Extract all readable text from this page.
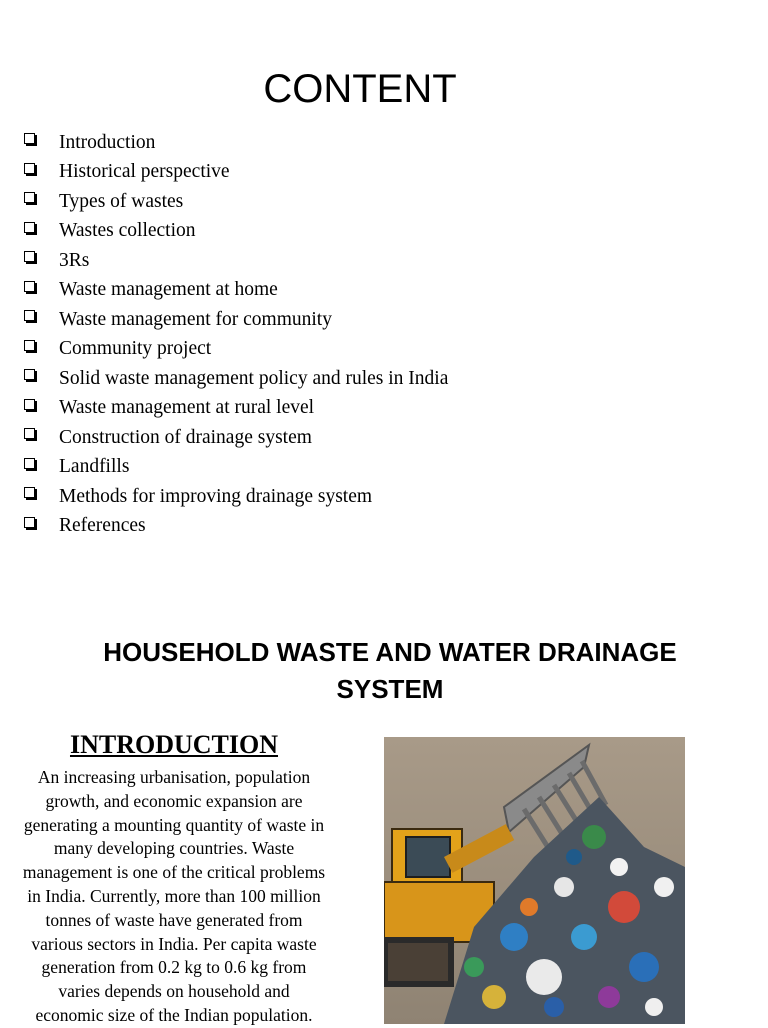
CONTENT
Introduction
Historical perspective
Types of wastes
Wastes collection
3Rs
Waste management at home
Waste management for community
Community project
Solid waste management policy and rules in India
Waste management at rural level
Construction of drainage system
Landfills
Methods for improving drainage system
References
HOUSEHOLD WASTE AND WATER DRAINAGE
SYSTEM
INTRODUCTION
An increasing urbanisation, population
growth, and economic expansion are
generating a mounting quantity of waste in
many developing countries. Waste
management is one of the critical problems
in India. Currently, more than 100 million
tonnes of waste have generated from
various sectors in India. Per capita waste
generation from 0.2 kg to 0.6 kg from
varies depends on household and
economic size of the Indian population.
